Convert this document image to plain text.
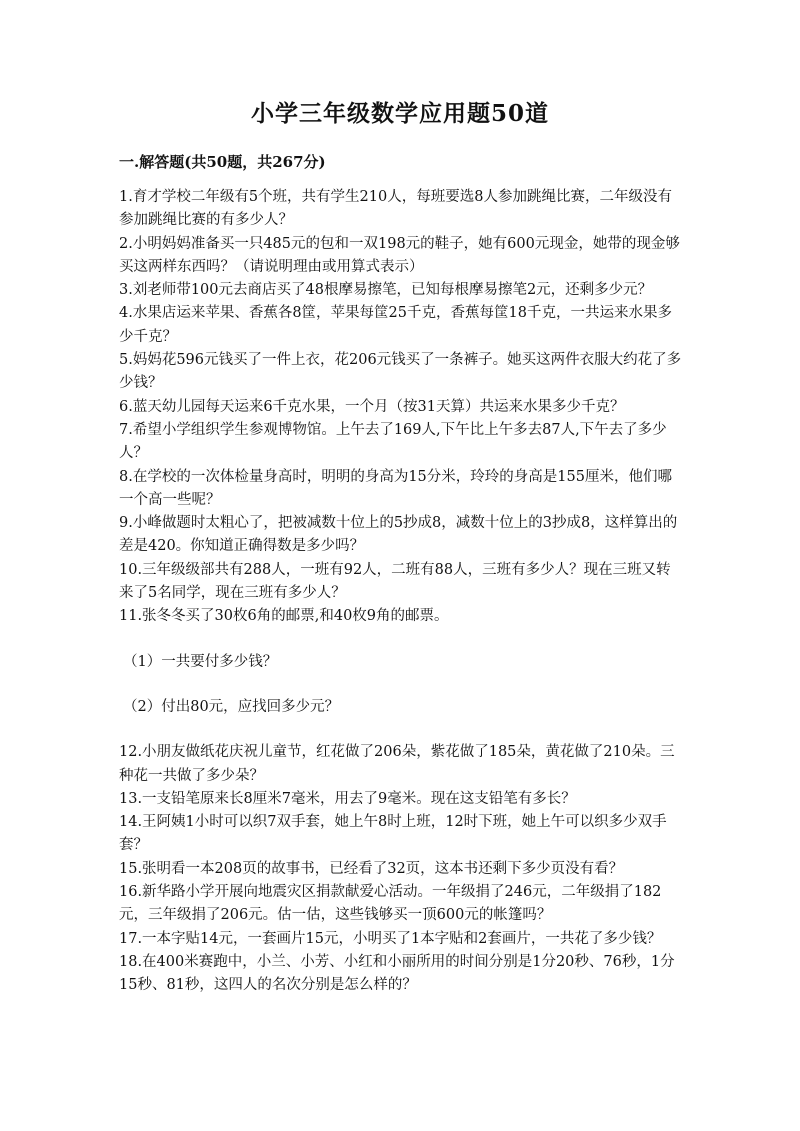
小学三年级数学应用题50道
一.解答题(共50题，共267分)

1.育才学校二年级有5个班，共有学生210人，每班要选8人参加跳绳比赛，二年级没有参加跳绳比赛的有多少人？

2.小明妈妈准备买一只485元的包和一双198元的鞋子，她有600元现金，她带的现金够买这两样东西吗？（请说明理由或用算式表示）

3.刘老师带100元去商店买了48根摩易擦笔，已知每根摩易擦笔2元，还剩多少元？

4.水果店运来苹果、香蕉各8筐，苹果每筐25千克，香蕉每筐18千克，一共运来水果多少千克？

5.妈妈花596元钱买了一件上衣，花206元钱买了一条裤子。她买这两件衣服大约花了多少钱？

6.蓝天幼儿园每天运来6千克水果，一个月（按31天算）共运来水果多少千克？

7.希望小学组织学生参观博物馆。上午去了169人,下午比上午多去87人,下午去了多少人？

8.在学校的一次体检量身高时，明明的身高为15分米，玲玲的身高是155厘米，他们哪一个高一些呢？

9.小峰做题时太粗心了，把被减数十位上的5抄成8，减数十位上的3抄成8，这样算出的差是420。你知道正确得数是多少吗？

10.三年级级部共有288人，一班有92人，二班有88人，三班有多少人？现在三班又转来了5名同学，现在三班有多少人？

11.张冬冬买了30枚6角的邮票,和40枚9角的邮票。

（1）一共要付多少钱？

（2）付出80元，应找回多少元？

12.小朋友做纸花庆祝儿童节，红花做了206朵，紫花做了185朵，黄花做了210朵。三种花一共做了多少朵？

13.一支铅笔原来长8厘米7毫米，用去了9毫米。现在这支铅笔有多长？

14.王阿姨1小时可以织7双手套，她上午8时上班，12时下班，她上午可以织多少双手套？

15.张明看一本208页的故事书，已经看了32页，这本书还剩下多少页没有看？

16.新华路小学开展向地震灾区捐款献爱心活动。一年级捐了246元，二年级捐了182元，三年级捐了206元。估一估，这些钱够买一顶600元的帐篷吗？

17.一本字贴14元，一套画片15元，小明买了1本字贴和2套画片，一共花了多少钱？

18.在400米赛跑中，小兰、小芳、小红和小丽所用的时间分别是1分20秒、76秒，1分15秒、81秒，这四人的名次分别是怎么样的？
